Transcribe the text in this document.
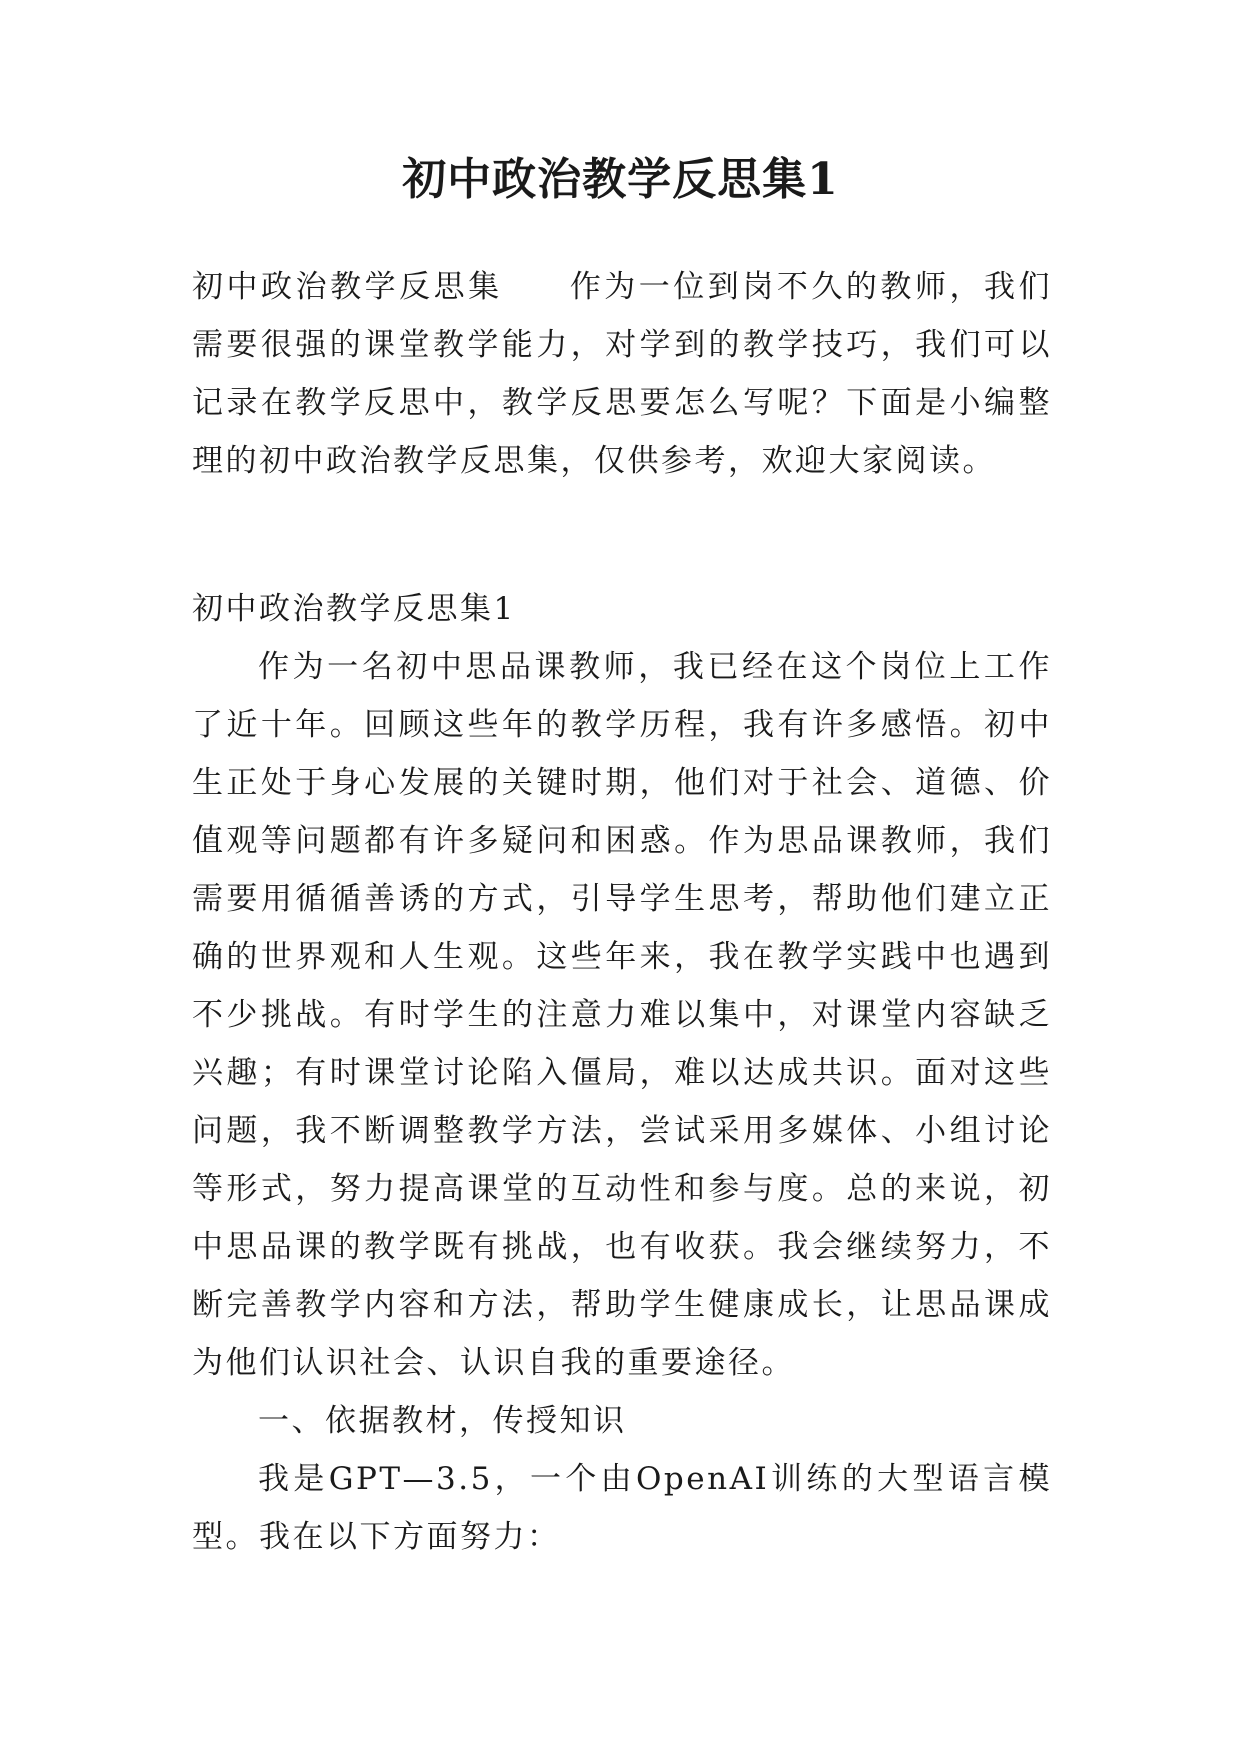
初中政治教学反思集1

初中政治教学反思集 作为一位到岗不久的教师，我们需要很强的课堂教学能力，对学到的教学技巧，我们可以记录在教学反思中，教学反思要怎么写呢？下面是小编整理的初中政治教学反思集，仅供参考，欢迎大家阅读。

初中政治教学反思集1

作为一名初中思品课教师，我已经在这个岗位上工作了近十年。回顾这些年的教学历程，我有许多感悟。初中生正处于身心发展的关键时期，他们对于社会、道德、价值观等问题都有许多疑问和困惑。作为思品课教师，我们需要用循循善诱的方式，引导学生思考，帮助他们建立正确的世界观和人生观。这些年来，我在教学实践中也遇到不少挑战。有时学生的注意力难以集中，对课堂内容缺乏兴趣；有时课堂讨论陷入僵局，难以达成共识。面对这些问题，我不断调整教学方法，尝试采用多媒体、小组讨论等形式，努力提高课堂的互动性和参与度。总的来说，初中思品课的教学既有挑战，也有收获。我会继续努力，不断完善教学内容和方法，帮助学生健康成长，让思品课成为他们认识社会、认识自我的重要途径。

一、依据教材，传授知识

我是GPT—3.5，一个由OpenAI训练的大型语言模型。我在以下方面努力：
